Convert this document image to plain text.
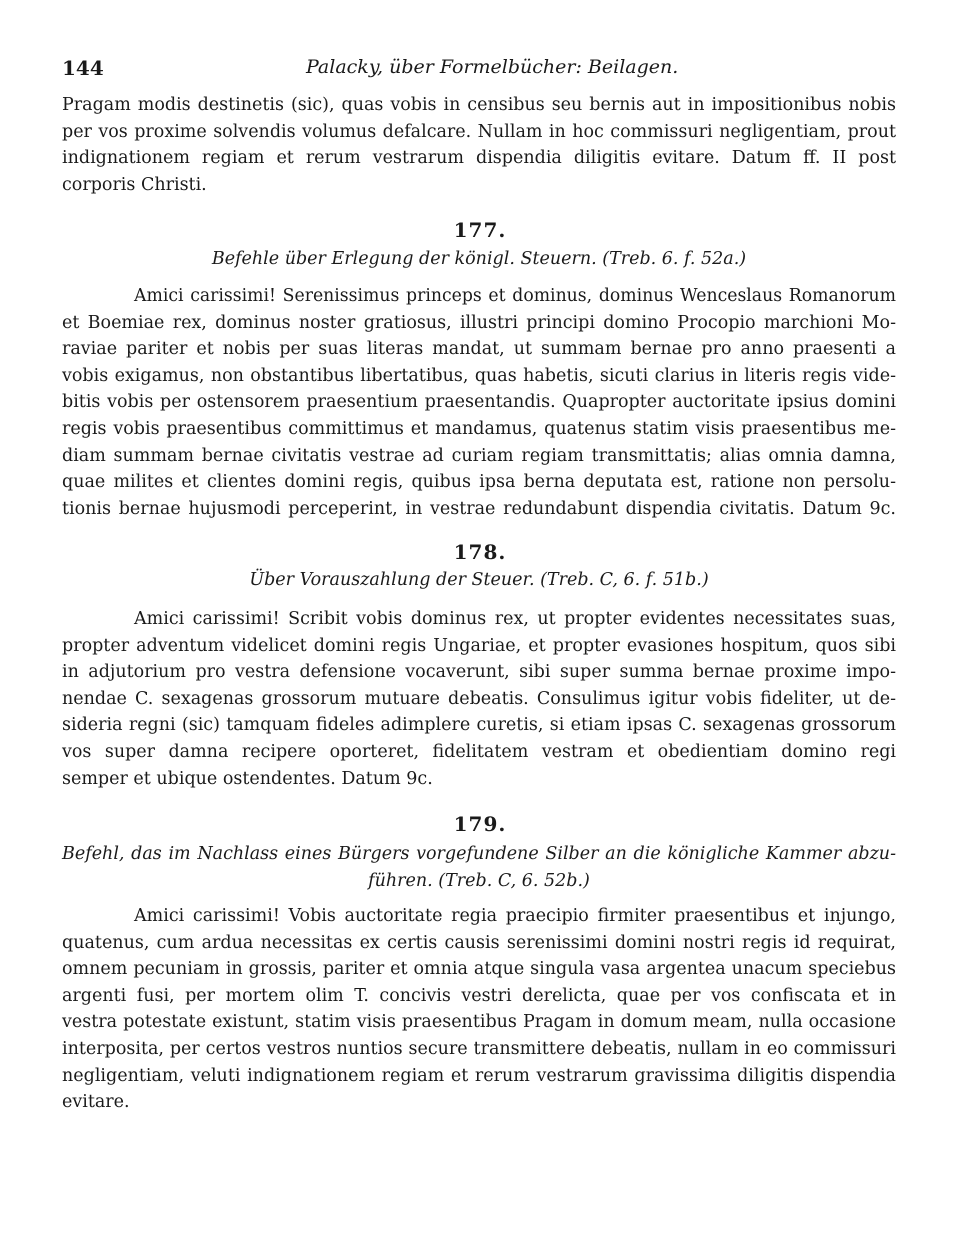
144	Palacky, über Formelbücher: Beilagen.
Pragam modis destinetis (sic), quas vobis in censibus seu bernis aut in impositionibus nobis
per vos proxime solvendis volumus defalcare. Nullam in hoc commissuri negligentiam, prout
indignationem regiam et rerum vestrarum dispendia diligitis evitare. Datum ff. II post
corporis Christi.
177.
Befehle über Erlegung der königl. Steuern. (Treb. 6. f. 52a.)
Amici carissimi! Serenissimus princeps et dominus, dominus Wenceslaus Romanorum
et Boemiae rex, dominus noster gratiosus, illustri principi domino Procopio marchioni Mo-
raviae pariter et nobis per suas literas mandat, ut summam bernae pro anno praesenti a
vobis exigamus, non obstantibus libertatibus, quas habetis, sicuti clarius in literis regis vide-
bitis vobis per ostensorem praesentium praesentandis. Quapropter auctoritate ipsius domini
regis vobis praesentibus committimus et mandamus, quatenus statim visis praesentibus me-
diam summam bernae civitatis vestrae ad curiam regiam transmittatis; alias omnia damna,
quae milites et clientes domini regis, quibus ipsa berna deputata est, ratione non persolu-
tionis bernae hujusmodi perceperint, in vestrae redundabunt dispendia civitatis. Datum 9c.
178.
Über Vorauszahlung der Steuer. (Treb. C, 6. f. 51b.)
Amici carissimi! Scribit vobis dominus rex, ut propter evidentes necessitates suas,
propter adventum videlicet domini regis Ungariae, et propter evasiones hospitum, quos sibi
in adjutorium pro vestra defensione vocaverunt, sibi super summa bernae proxime impo-
nendae C. sexagenas grossorum mutuare debeatis. Consulimus igitur vobis fideliter, ut de-
sideria regni (sic) tamquam fideles adimplere curetis, si etiam ipsas C. sexagenas grossorum
vos super damna recipere oporteret, fidelitatem vestram et obedientiam domino regi
semper et ubique ostendentes. Datum 9c.
179.
Befehl, das im Nachlass eines Bürgers vorgefundene Silber an die königliche Kammer abzu-
führen. (Treb. C, 6. 52b.)
Amici carissimi! Vobis auctoritate regia praecipio firmiter praesentibus et injungo,
quatenus, cum ardua necessitas ex certis causis serenissimi domini nostri regis id requirat,
omnem pecuniam in grossis, pariter et omnia atque singula vasa argentea unacum speciebus
argenti fusi, per mortem olim T. concivis vestri derelicta, quae per vos confiscata et in
vestra potestate existunt, statim visis praesentibus Pragam in domum meam, nulla occasione
interposita, per certos vestros nuntios secure transmittere debeatis, nullam in eo commissuri
negligentiam, veluti indignationem regiam et rerum vestrarum gravissima diligitis dispendia
evitare.
